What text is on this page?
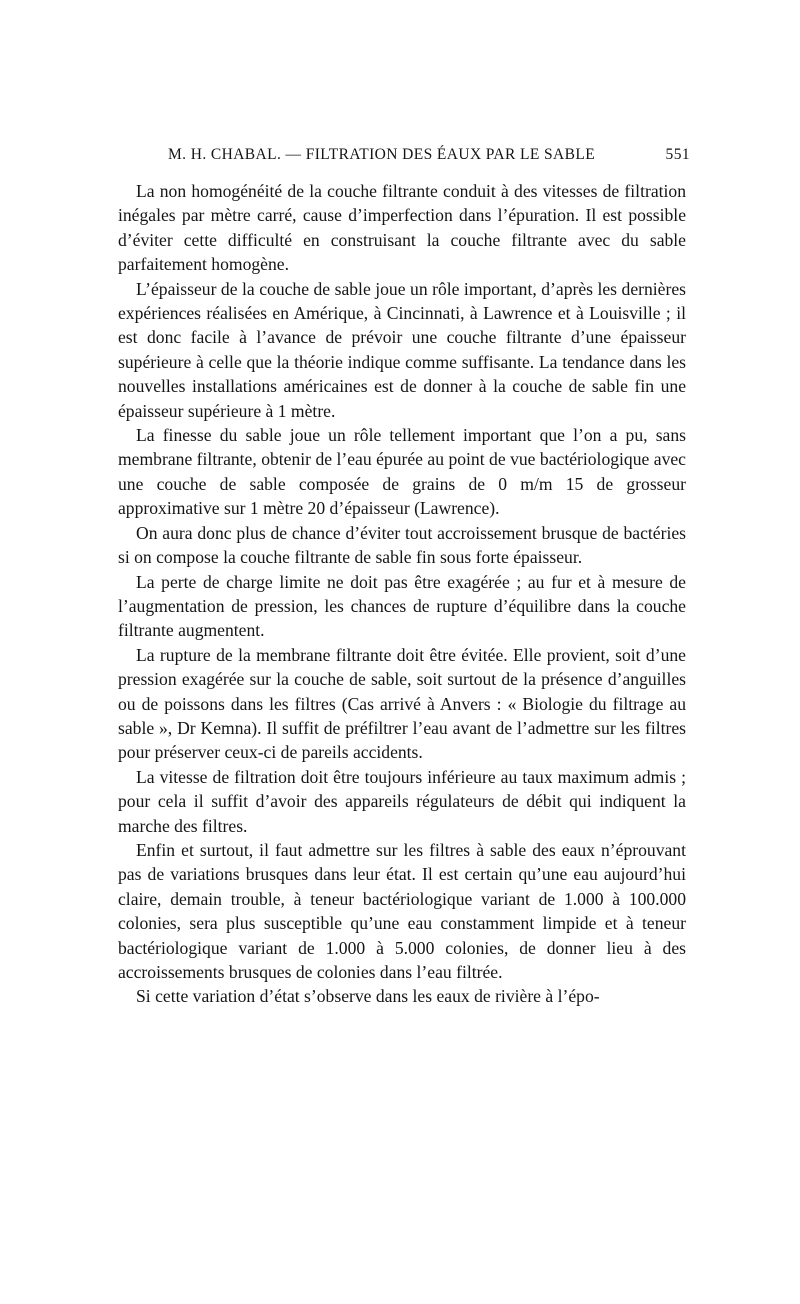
M. H. CHABAL. — FILTRATION DES ÉAUX PAR LE SABLE	551

La non homogénéité de la couche filtrante conduit à des vitesses de filtration inégales par mètre carré, cause d’imperfection dans l’épuration. Il est possible d’éviter cette difficulté en construisant la couche filtrante avec du sable parfaitement homogène.

L’épaisseur de la couche de sable joue un rôle important, d’après les dernières expériences réalisées en Amérique, à Cincinnati, à Lawrence et à Louisville ; il est donc facile à l’avance de prévoir une couche filtrante d’une épaisseur supérieure à celle que la théorie indique comme suffisante. La tendance dans les nouvelles installations américaines est de donner à la couche de sable fin une épaisseur supérieure à 1 mètre.

La finesse du sable joue un rôle tellement important que l’on a pu, sans membrane filtrante, obtenir de l’eau épurée au point de vue bactériologique avec une couche de sable composée de grains de 0 m/m 15 de grosseur approximative sur 1 mètre 20 d’épaisseur (Lawrence).

On aura donc plus de chance d’éviter tout accroissement brusque de bactéries si on compose la couche filtrante de sable fin sous forte épaisseur.

La perte de charge limite ne doit pas être exagérée ; au fur et à mesure de l’augmentation de pression, les chances de rupture d’équilibre dans la couche filtrante augmentent.

La rupture de la membrane filtrante doit être évitée. Elle provient, soit d’une pression exagérée sur la couche de sable, soit surtout de la présence d’anguilles ou de poissons dans les filtres (Cas arrivé à Anvers : « Biologie du filtrage au sable », Dr Kemna). Il suffit de préfiltrer l’eau avant de l’admettre sur les filtres pour préserver ceux-ci de pareils accidents.

La vitesse de filtration doit être toujours inférieure au taux maximum admis ; pour cela il suffit d’avoir des appareils régulateurs de débit qui indiquent la marche des filtres.

Enfin et surtout, il faut admettre sur les filtres à sable des eaux n’éprouvant pas de variations brusques dans leur état. Il est certain qu’une eau aujourd’hui claire, demain trouble, à teneur bactériologique variant de 1.000 à 100.000 colonies, sera plus susceptible qu’une eau constamment limpide et à teneur bactériologique variant de 1.000 à 5.000 colonies, de donner lieu à des accroissements brusques de colonies dans l’eau filtrée.

Si cette variation d’état s’observe dans les eaux de rivière à l’épo-
